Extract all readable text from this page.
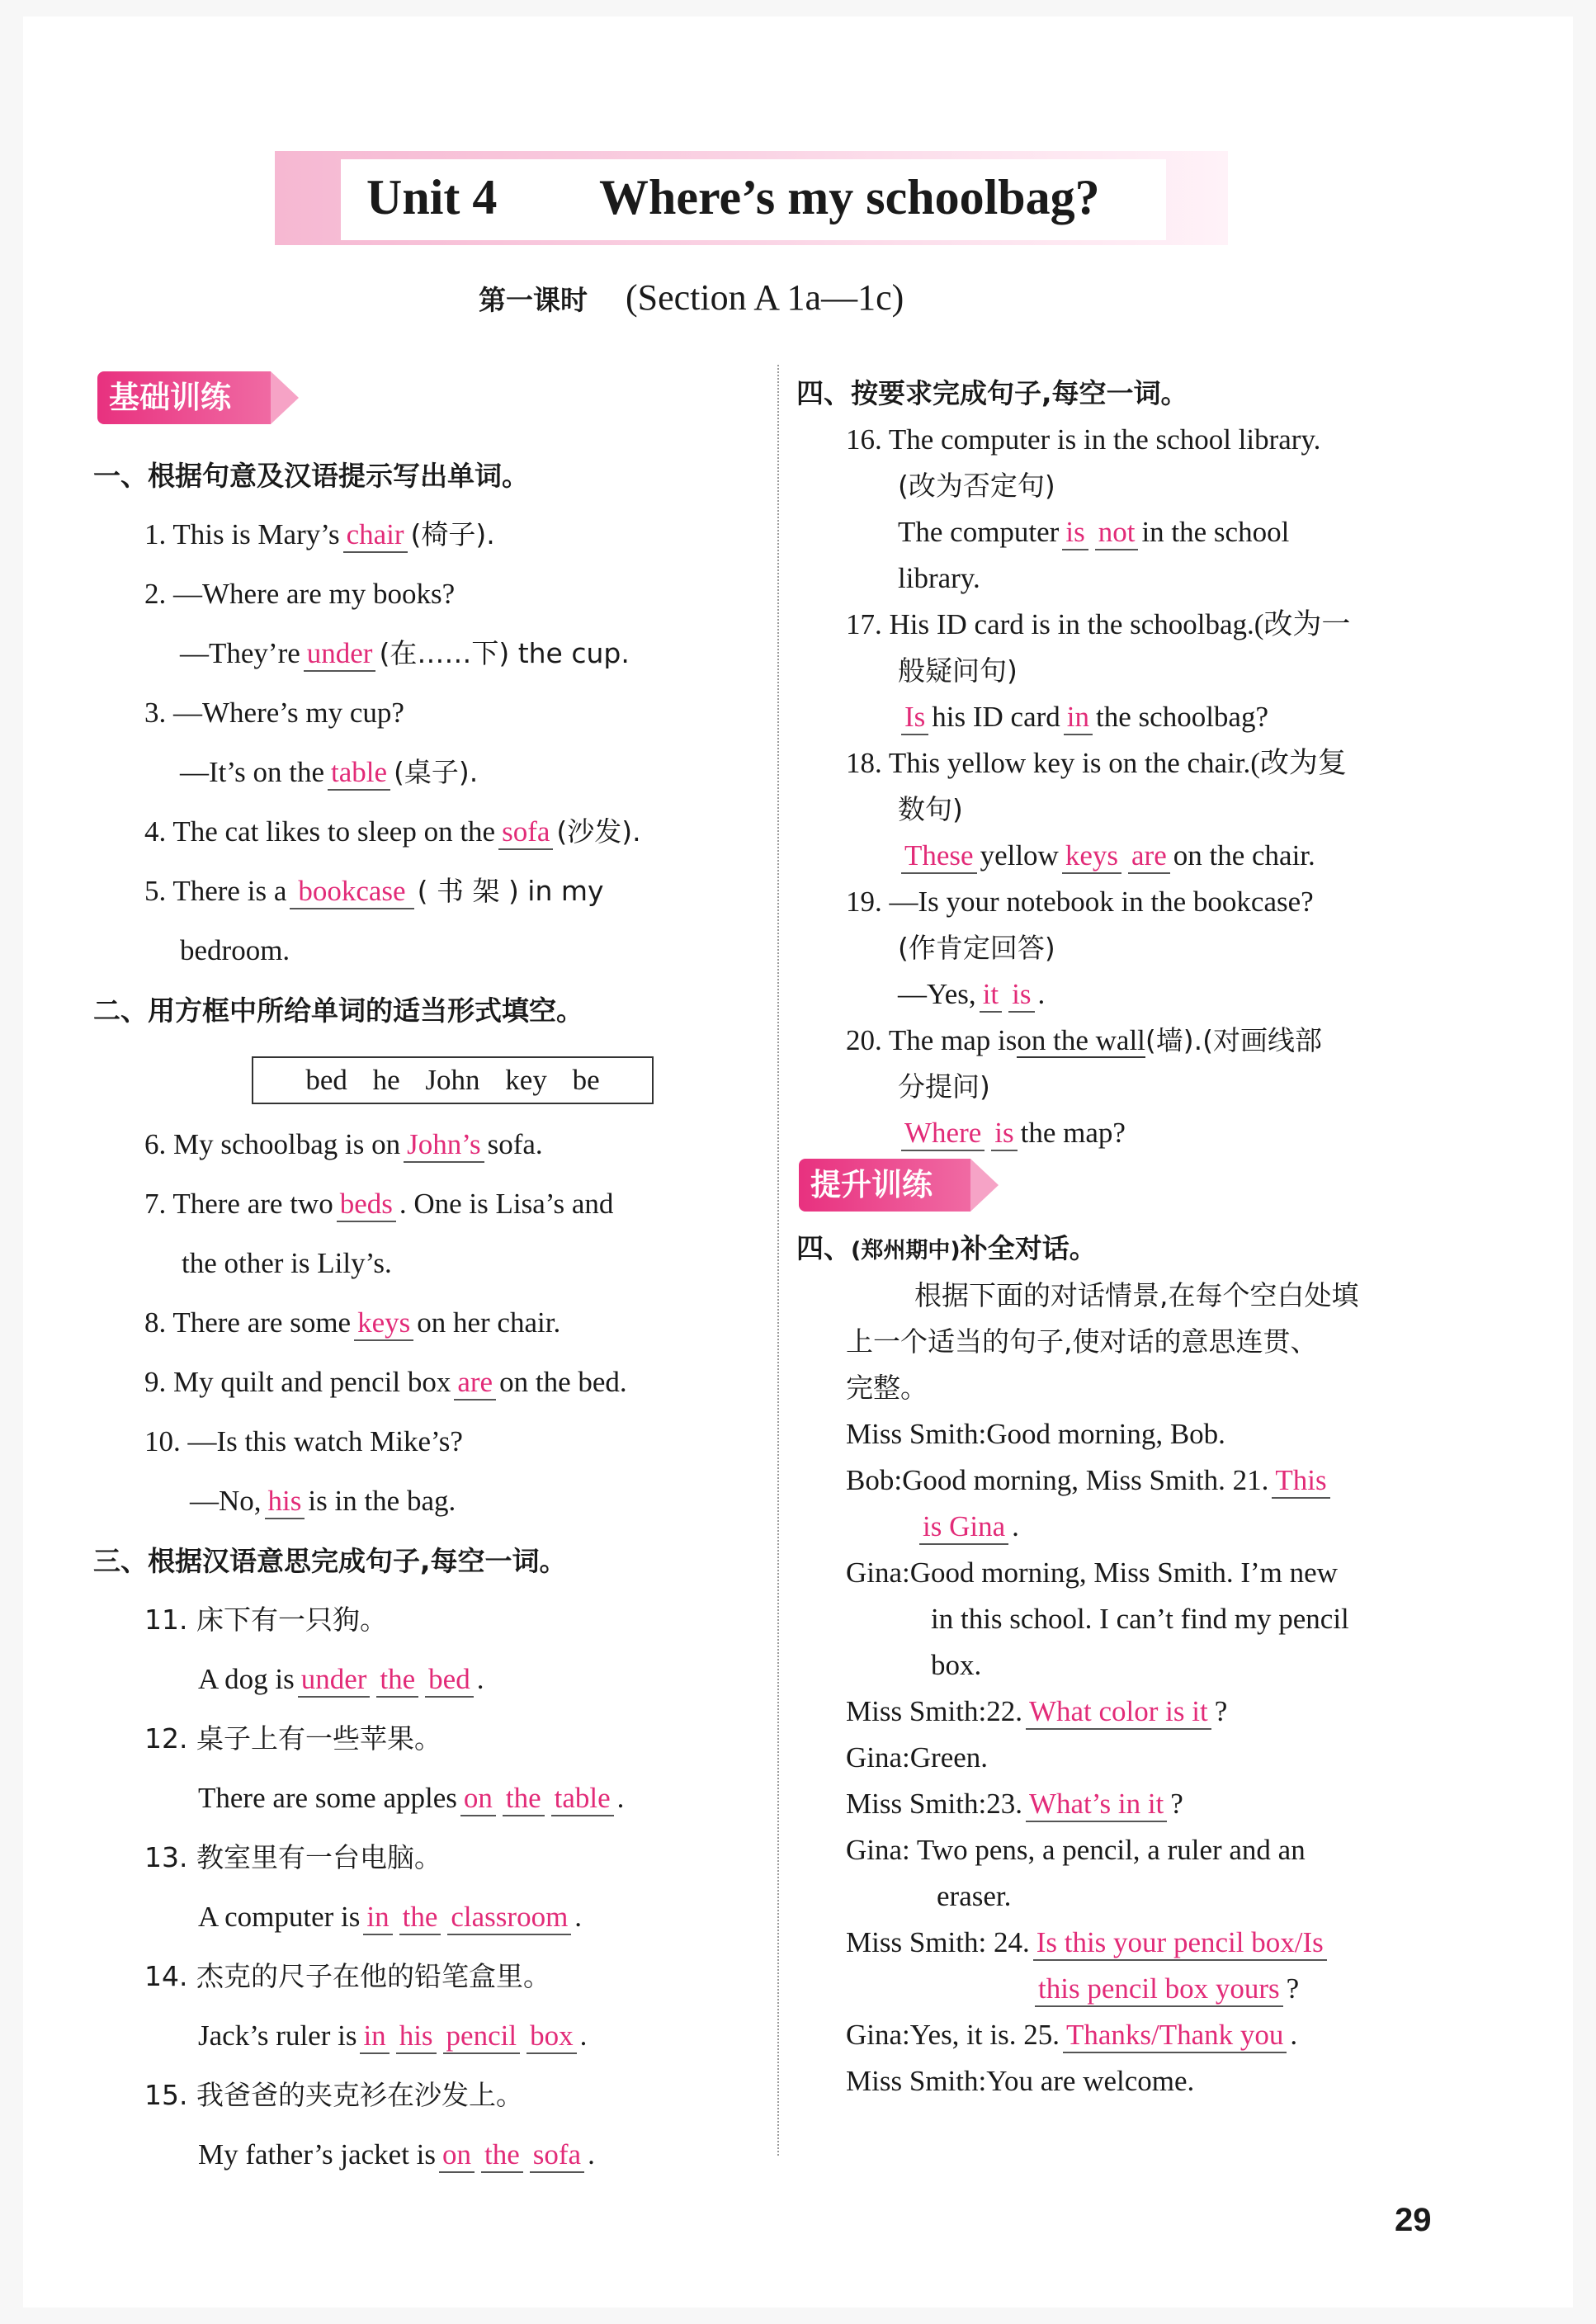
Unit 4 Where’s my schoolbag?
第一课时 (Section A 1a—1c)
基础训练
一、根据句意及汉语提示写出单词。
1. This is Mary’s chair (椅子).
2. —Where are my books?
—They’re under (在……下) the cup.
3. —Where’s my cup?
—It’s on the table (桌子).
4. The cat likes to sleep on the sofa (沙发).
5. There is a bookcase ( 书 架 ) in my
bedroom.
二、用方框中所给单词的适当形式填空。
bed he John key be
6. My schoolbag is on John’s sofa.
7. There are two beds . One is Lisa’s and
the other is Lily’s.
8. There are some keys on her chair.
9. My quilt and pencil box are on the bed.
10. —Is this watch Mike’s?
—No, his is in the bag.
三、根据汉语意思完成句子,每空一词。
11. 床下有一只狗。
A dog is under the bed .
12. 桌子上有一些苹果。
There are some apples on the table .
13. 教室里有一台电脑。
A computer is in the classroom .
14. 杰克的尺子在他的铅笔盒里。
Jack’s ruler is in his pencil box .
15. 我爸爸的夹克衫在沙发上。
My father’s jacket is on the sofa .
四、按要求完成句子,每空一词。
16. The computer is in the school library.
(改为否定句)
The computer is not in the school
library.
17. His ID card is in the schoolbag.(改为一
般疑问句)
Is his ID card in the schoolbag?
18. This yellow key is on the chair.(改为复
数句)
These yellow keys are on the chair.
19. —Is your notebook in the bookcase?
(作肯定回答)
—Yes, it is .
20. The map ison the wall(墙).(对画线部
分提问)
Where is the map?
提升训练
四、(郑州期中)补全对话。
根据下面的对话情景,在每个空白处填
上一个适当的句子,使对话的意思连贯、
完整。
Miss Smith:Good morning, Bob.
Bob:Good morning, Miss Smith. 21. This
is Gina .
Gina:Good morning, Miss Smith. I’m new
in this school. I can’t find my pencil
box.
Miss Smith:22. What color is it ?
Gina:Green.
Miss Smith:23. What’s in it ?
Gina: Two pens, a pencil, a ruler and an
eraser.
Miss Smith: 24. Is this your pencil box/Is
this pencil box yours ?
Gina:Yes, it is. 25. Thanks/Thank you .
Miss Smith:You are welcome.
29
